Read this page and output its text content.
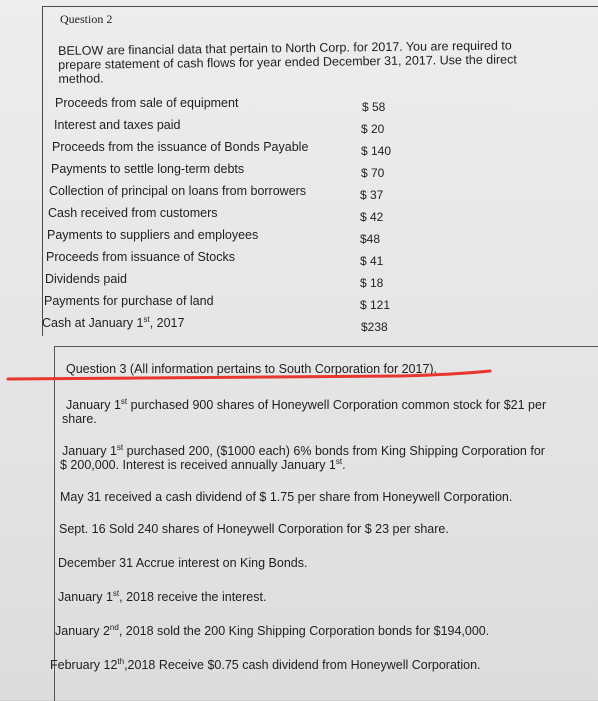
Question 2
BELOW are financial data that pertain to North Corp. for 2017. You are required to
prepare statement of cash flows for year ended December 31, 2017. Use the direct
method.
Proceeds from sale of equipment	$ 58
Interest and taxes paid	$ 20
Proceeds from the issuance of Bonds Payable	$ 140
Payments to settle long-term debts	$ 70
Collection of principal on loans from borrowers	$ 37
Cash received from customers	$ 42
Payments to suppliers and employees	$48
Proceeds from issuance of Stocks	$ 41
Dividends paid	$ 18
Payments for purchase of land	$ 121
Cash at January 1st, 2017	$238
Question 3 (All information pertains to South Corporation for 2017).
January 1st purchased 900 shares of Honeywell Corporation common stock for $21 per
share.
January 1st purchased 200, ($1000 each) 6% bonds from King Shipping Corporation for
$ 200,000. Interest is received annually January 1st.
May 31 received a cash dividend of $ 1.75 per share from Honeywell Corporation.
Sept. 16 Sold 240 shares of Honeywell Corporation for $ 23 per share.
December 31 Accrue interest on King Bonds.
January 1st, 2018 receive the interest.
January 2nd, 2018 sold the 200 King Shipping Corporation bonds for $194,000.
February 12th,2018 Receive $0.75 cash dividend from Honeywell Corporation.
